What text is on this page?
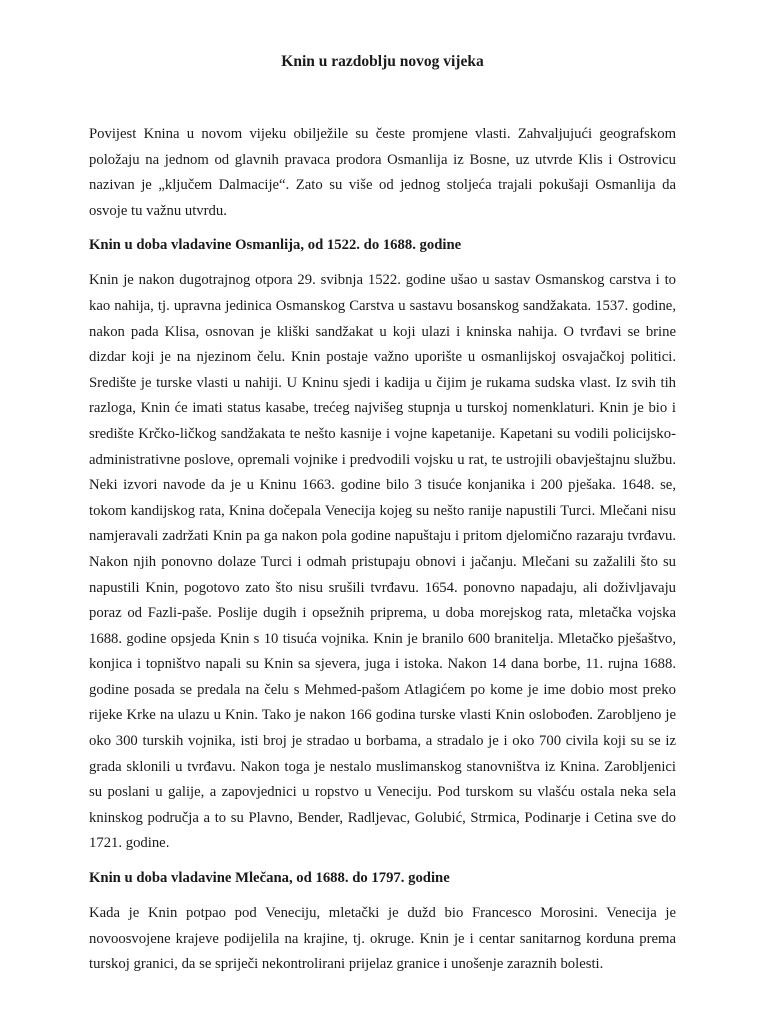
Knin u razdoblju novog vijeka

Povijest Knina u novom vijeku obilježile su česte promjene vlasti. Zahvaljujući geografskom položaju na jednom od glavnih pravaca prodora Osmanlija iz Bosne, uz utvrde Klis i Ostrovicu nazivan je „ključem Dalmacije“. Zato su više od jednog stoljeća trajali pokušaji Osmanlija da osvoje tu važnu utvrdu.

Knin u doba vladavine Osmanlija, od 1522. do 1688. godine

Knin je nakon dugotrajnog otpora 29. svibnja 1522. godine ušao u sastav Osmanskog carstva i to kao nahija, tj. upravna jedinica Osmanskog Carstva u sastavu bosanskog sandžakata. 1537. godine, nakon pada Klisa, osnovan je kliški sandžakat u koji ulazi i kninska nahija. O tvrđavi se brine dizdar koji je na njezinom čelu. Knin postaje važno uporište u osmanlijskoj osvajačkoj politici. Središte je turske vlasti u nahiji. U Kninu sjedi i kadija u čijim je rukama sudska vlast. Iz svih tih razloga, Knin će imati status kasabe, trećeg najvišeg stupnja u turskoj nomenklaturi. Knin je bio i središte Krčko-ličkog sandžakata te nešto kasnije i vojne kapetanije. Kapetani su vodili policijsko-administrativne poslove, opremali vojnike i predvodili vojsku u rat, te ustrojili obavještajnu službu. Neki izvori navode da je u Kninu 1663. godine bilo 3 tisuće konjanika i 200 pješaka. 1648. se, tokom kandijskog rata, Knina dočepala Venecija kojeg su nešto ranije napustili Turci. Mlečani nisu namjeravali zadržati Knin pa ga nakon pola godine napuštaju i pritom djelomično razaraju tvrđavu. Nakon njih ponovno dolaze Turci i odmah pristupaju obnovi i jačanju. Mlečani su zažalili što su napustili Knin, pogotovo zato što nisu srušili tvrđavu. 1654. ponovno napadaju, ali doživljavaju poraz od Fazli-paše. Poslije dugih i opsežnih priprema, u doba morejskog rata, mletačka vojska 1688. godine opsjeda Knin s 10 tisuća vojnika. Knin je branilo 600 branitelja. Mletačko pješaštvo, konjica i topništvo napali su Knin sa sjevera, juga i istoka. Nakon 14 dana borbe, 11. rujna 1688. godine posada se predala na čelu s Mehmed-pašom Atlagićem po kome je ime dobio most preko rijeke Krke na ulazu u Knin. Tako je nakon 166 godina turske vlasti Knin oslobođen. Zarobljeno je oko 300 turskih vojnika, isti broj je stradao u borbama, a stradalo je i oko 700 civila koji su se iz grada sklonili u tvrđavu. Nakon toga je nestalo muslimanskog stanovništva iz Knina. Zarobljenici su poslani u galije, a zapovjednici u ropstvo u Veneciju. Pod turskom su vlašću ostala neka sela kninskog područja a to su Plavno, Bender, Radljevac, Golubić, Strmica, Podinarje i Cetina sve do 1721. godine.

Knin u doba vladavine Mlečana, od 1688. do 1797. godine

Kada je Knin potpao pod Veneciju, mletački je dužd bio Francesco Morosini. Venecija je novoosvojene krajeve podijelila na krajine, tj. okruge. Knin je i centar sanitarnog korduna prema turskoj granici, da se spriječi nekontrolirani prijelaz granice i unošenje zaraznih bolesti.
